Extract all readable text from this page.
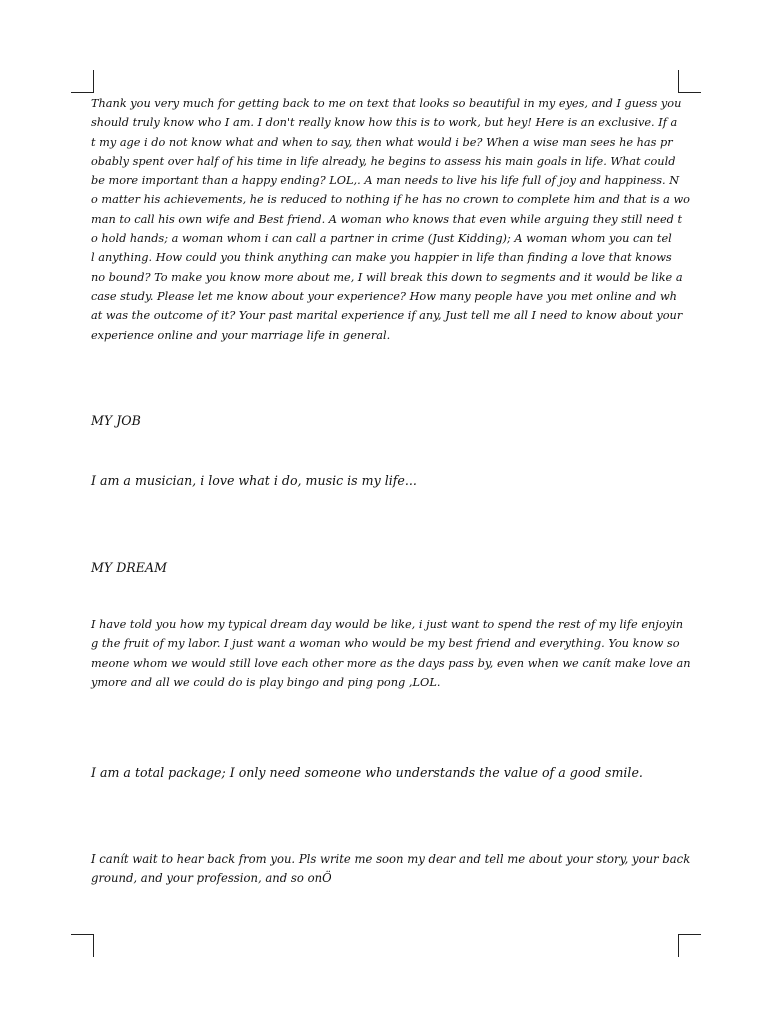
Thank you very much for getting back to me on text that looks so beautiful in my eyes, and I guess you
should truly know who I am. I don't really know how this is to work, but hey! Here is an exclusive. If a
t my age i do not know what and when to say, then what would i be? When a wise man sees he has pr
obably spent over half of his time in life already, he begins to assess his main goals in life. What could
be more important than a happy ending? LOL,. A man needs to live his life full of joy and happiness. N
o matter his achievements, he is reduced to nothing if he has no crown to complete him and that is a wo
man to call his own wife and Best friend. A woman who knows that even while arguing they still need t
o hold hands; a woman whom i can call a partner in crime (Just Kidding); A woman whom you can tel
l anything. How could you think anything can make you happier in life than finding a love that knows
no bound? To make you know more about me, I will break this down to segments and it would be like a
case study. Please let me know about your experience? How many people have you met online and wh
at was the outcome of it? Your past marital experience if any, Just tell me all I need to know about your
experience online and your marriage life in general.

MY JOB

I am a musician, i love what i do, music is my life...

MY DREAM

I have told you how my typical dream day would be like, i just want to spend the rest of my life enjoyin
g the fruit of my labor. I just want a woman who would be my best friend and everything. You know so
meone whom we would still love each other more as the days pass by, even when we canít make love an
ymore and all we could do is play bingo and ping pong ,LOL.

I am a total package; I only need someone who understands the value of a good smile.

I canít wait to hear back from you. Pls write me soon my dear and tell me about your story, your back
ground, and your profession, and so onÖ
